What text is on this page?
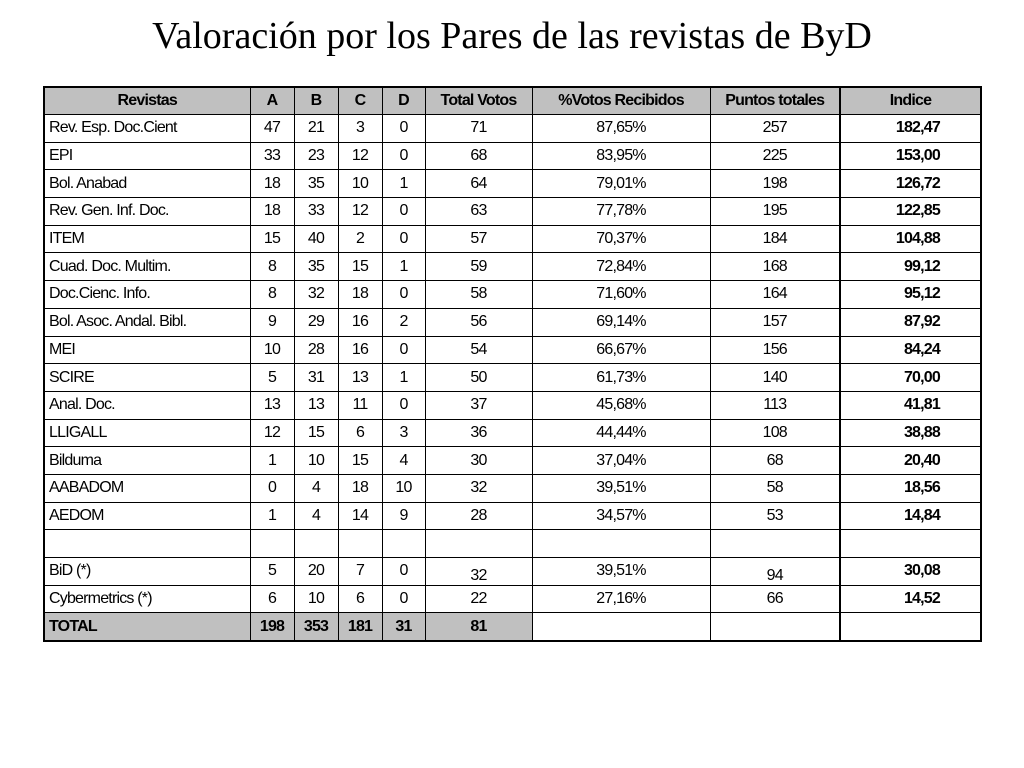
Valoración por los Pares de las revistas de ByD
Revistas	A	B	C	D	Total Votos	%Votos Recibidos	Puntos totales	Indice
Rev. Esp. Doc.Cient	47	21	3	0	71	87,65%	257	182,47
EPI	33	23	12	0	68	83,95%	225	153,00
Bol. Anabad	18	35	10	1	64	79,01%	198	126,72
Rev. Gen. Inf. Doc.	18	33	12	0	63	77,78%	195	122,85
ITEM	15	40	2	0	57	70,37%	184	104,88
Cuad. Doc. Multim.	8	35	15	1	59	72,84%	168	99,12
Doc.Cienc. Info.	8	32	18	0	58	71,60%	164	95,12
Bol. Asoc. Andal. Bibl.	9	29	16	2	56	69,14%	157	87,92
MEI	10	28	16	0	54	66,67%	156	84,24
SCIRE	5	31	13	1	50	61,73%	140	70,00
Anal. Doc.	13	13	11	0	37	45,68%	113	41,81
LLIGALL	12	15	6	3	36	44,44%	108	38,88
Bilduma	1	10	15	4	30	37,04%	68	20,40
AABADOM	0	4	18	10	32	39,51%	58	18,56
AEDOM	1	4	14	9	28	34,57%	53	14,84

BiD (*)	5	20	7	0	32	39,51%	94	30,08
Cybermetrics (*)	6	10	6	0	22	27,16%	66	14,52
TOTAL	198	353	181	31	81			
